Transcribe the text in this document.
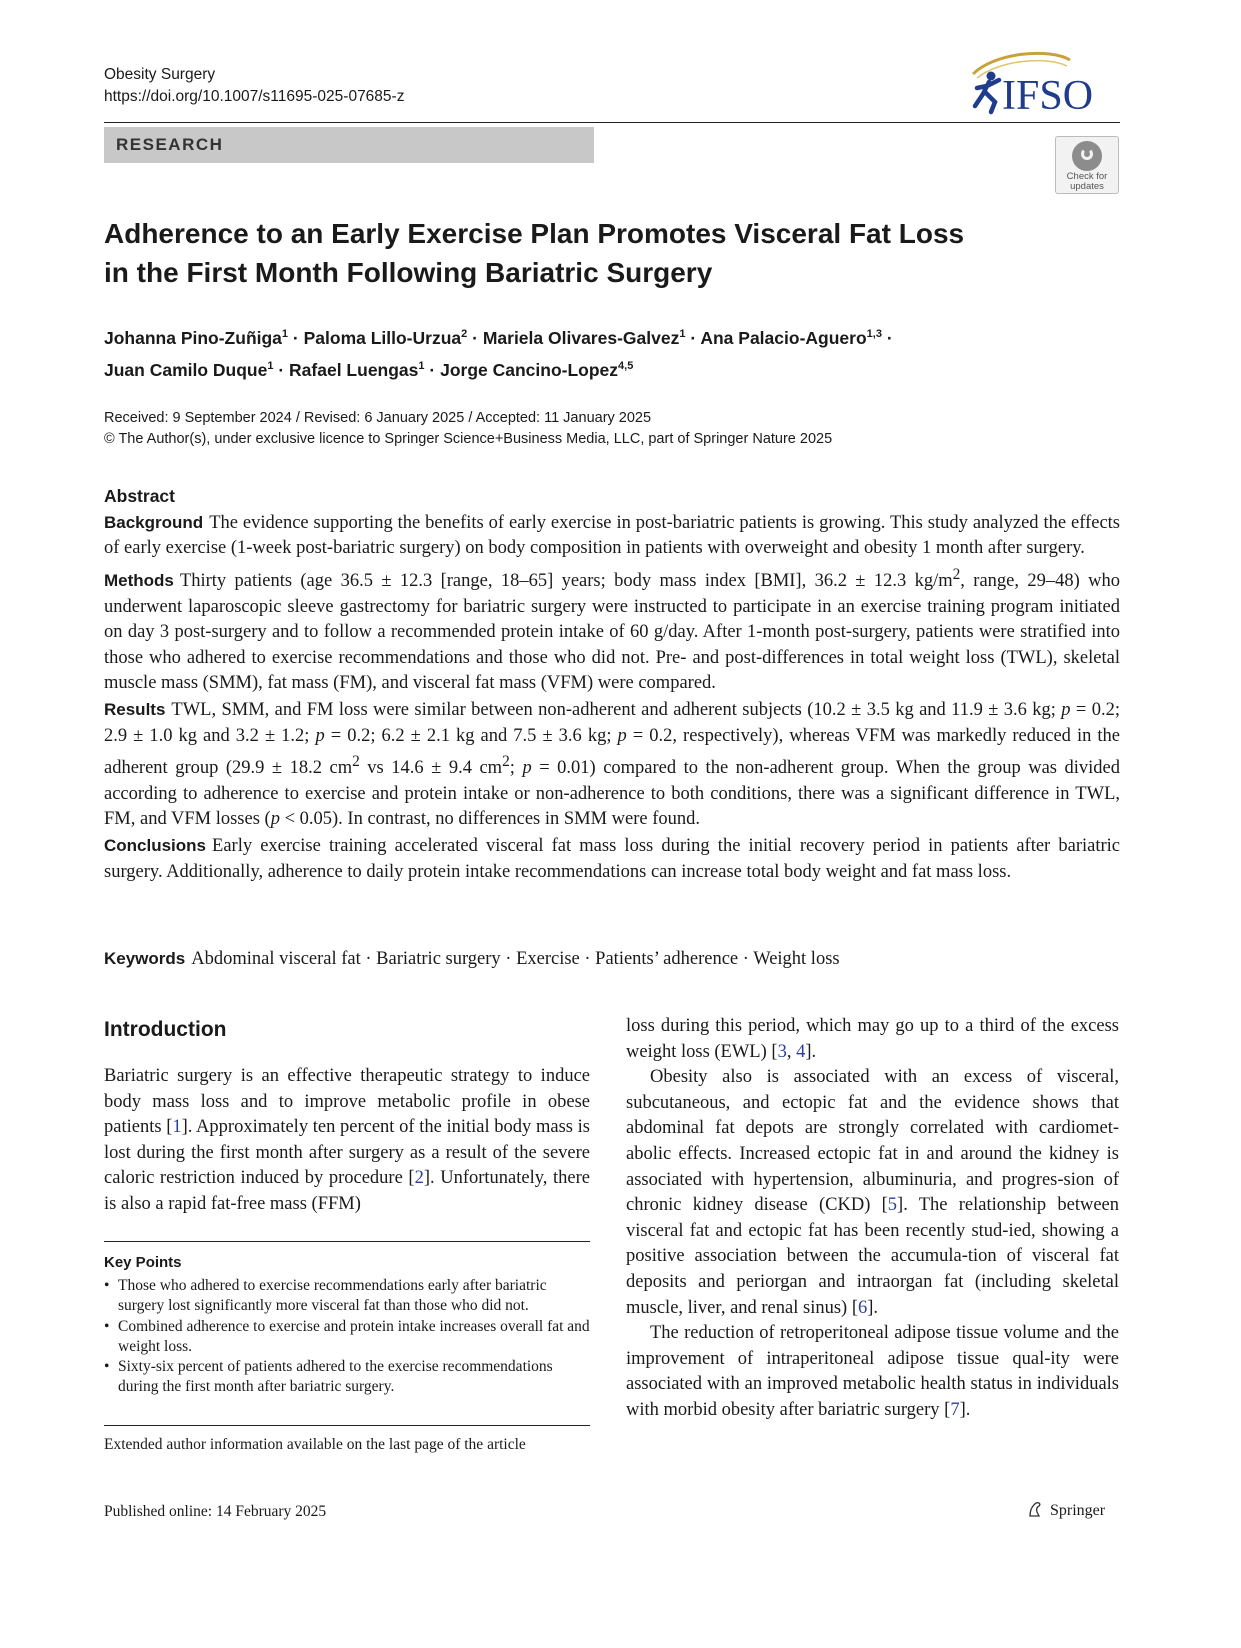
Obesity Surgery
https://doi.org/10.1007/s11695-025-07685-z	IFSO
RESEARCH
Check for
updates
Adherence to an Early Exercise Plan Promotes Visceral Fat Loss
in the First Month Following Bariatric Surgery
Johanna Pino-Zuñiga$^1$ · Paloma Lillo-Urzua$^2$ · Mariela Olivares-Galvez$^1$ · Ana Palacio-Aguero$^{1,3}$ ·
Juan Camilo Duque$^1$ · Rafael Luengas$^1$ · Jorge Cancino-Lopez$^{4,5}$
Received: 9 September 2024 / Revised: 6 January 2025 / Accepted: 11 January 2025
© The Author(s), under exclusive licence to Springer Science+Business Media, LLC, part of Springer Nature 2025
Abstract

Background The evidence supporting the benefits of early exercise in post-bariatric patients is growing. This study analyzed the effects of early exercise (1-week post-bariatric surgery) on body composition in patients with overweight and obesity 1 month after surgery.

Methods Thirty patients (age 36.5 ± 12.3 [range, 18–65] years; body mass index [BMI], 36.2 ± 12.3 $kg/m^2$, range, 29–48) who underwent laparoscopic sleeve gastrectomy for bariatric surgery were instructed to participate in an exercise training program initiated on day 3 post-surgery and to follow a recommended protein intake of 60 g/day. After 1-month post-surgery, patients were stratified into those who adhered to exercise recommendations and those who did not. Pre- and post-differences in total weight loss (TWL), skeletal muscle mass (SMM), fat mass (FM), and visceral fat mass (VFM) were compared.

Results TWL, SMM, and FM loss were similar between non-adherent and adherent subjects (10.2 ± 3.5 kg and 11.9 ± 3.6 kg; p = 0.2; 2.9 ± 1.0 kg and 3.2 ± 1.2; p = 0.2; 6.2 ± 2.1 kg and 7.5 ± 3.6 kg; p = 0.2, respectively), whereas VFM was markedly reduced in the adherent group (29.9 ± 18.2 $cm^2$ vs 14.6 ± 9.4 $cm^2$; p = 0.01) compared to the non-adherent group. When the group was divided according to adherence to exercise and protein intake or non-adherence to both conditions, there was a significant difference in TWL, FM, and VFM losses (p < 0.05). In contrast, no differences in SMM were found.

Conclusions Early exercise training accelerated visceral fat mass loss during the initial recovery period in patients after bariatric surgery. Additionally, adherence to daily protein intake recommendations can increase total body weight and fat mass loss.

Keywords Abdominal visceral fat · Bariatric surgery · Exercise · Patients’ adherence · Weight loss
Introduction

Bariatric surgery is an effective therapeutic strategy to induce body mass loss and to improve metabolic profile in obese patients [1]. Approximately ten percent of the initial body mass is lost during the first month after surgery as a result of the severe caloric restriction induced by procedure [2]. Unfortunately, there is also a rapid fat-free mass (FFM)

Key Points
• Those who adhered to exercise recommendations early after bariatric surgery lost significantly more visceral fat than those who did not.
• Combined adherence to exercise and protein intake increases overall fat and weight loss.
• Sixty-six percent of patients adhered to the exercise recommendations during the first month after bariatric surgery.
Extended author information available on the last page of the article

loss during this period, which may go up to a third of the excess weight loss (EWL) [3, 4].

Obesity also is associated with an excess of visceral, subcutaneous, and ectopic fat and the evidence shows that abdominal fat depots are strongly correlated with cardiomet-abolic effects. Increased ectopic fat in and around the kidney is associated with hypertension, albuminuria, and progres-sion of chronic kidney disease (CKD) [5]. The relationship between visceral fat and ectopic fat has been recently stud-ied, showing a positive association between the accumula-tion of visceral fat deposits and periorgan and intraorgan fat (including skeletal muscle, liver, and renal sinus) [6].

The reduction of retroperitoneal adipose tissue volume and the improvement of intraperitoneal adipose tissue qual-ity were associated with an improved metabolic health status in individuals with morbid obesity after bariatric surgery [7].

Published online: 14 February 2025	Springer
